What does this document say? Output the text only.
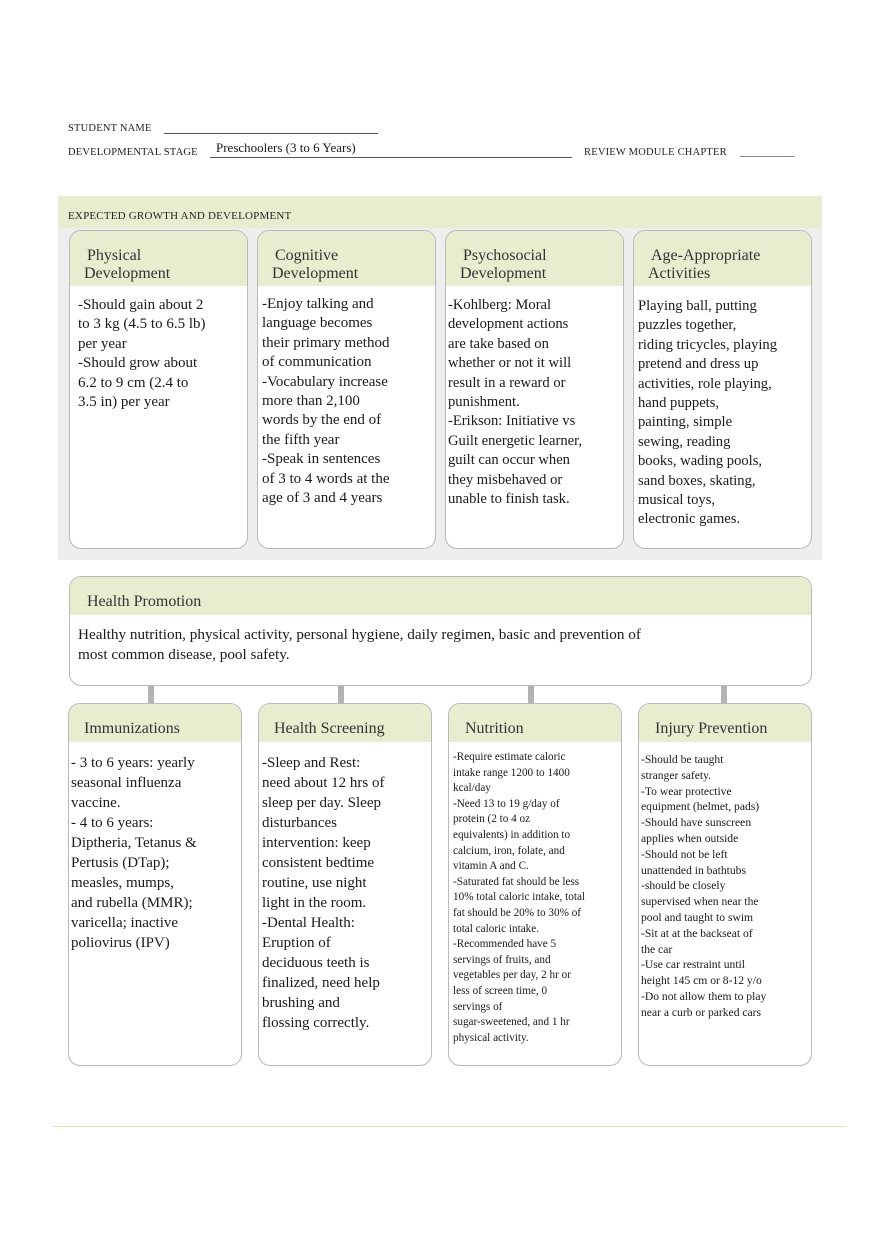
STUDENT NAME
DEVELOPMENTAL STAGE Preschoolers (3 to 6 Years)	REVIEW MODULE CHAPTER __________
EXPECTED GROWTH AND DEVELOPMENT
Physical
Development
-Should gain about 2
to 3 kg (4.5 to 6.5 lb)
per year
-Should grow about
6.2 to 9 cm (2.4 to
3.5 in) per year
Cognitive
Development
-Enjoy talking and
language becomes
their primary method
of communication
-Vocabulary increase
more than 2,100
words by the end of
the fifth year
-Speak in sentences
of 3 to 4 words at the
age of 3 and 4 years
Psychosocial
Development
-Kohlberg: Moral
development actions
are take based on
whether or not it will
result in a reward or
punishment.
-Erikson: Initiative vs
Guilt energetic learner,
guilt can occur when
they misbehaved or
unable to finish task.
Age-Appropriate
Activities
Playing ball, putting
puzzles together,
riding tricycles, playing
pretend and dress up
activities, role playing,
hand puppets,
painting, simple
sewing, reading
books, wading pools,
sand boxes, skating,
musical toys,
electronic games.
Health Promotion
Healthy nutrition, physical activity, personal hygiene, daily regimen, basic and prevention of
most common disease, pool safety.
Immunizations
- 3 to 6 years: yearly
seasonal influenza
vaccine.
- 4 to 6 years:
Diptheria, Tetanus &
Pertusis (DTap);
measles, mumps,
and rubella (MMR);
varicella; inactive
poliovirus (IPV)
Health Screening
-Sleep and Rest:
need about 12 hrs of
sleep per day. Sleep
disturbances
intervention: keep
consistent bedtime
routine, use night
light in the room.
-Dental Health:
Eruption of
deciduous teeth is
finalized, need help
brushing and
flossing correctly.
Nutrition
-Require estimate caloric
intake range 1200 to 1400
kcal/day
-Need 13 to 19 g/day of
protein (2 to 4 oz
equivalents) in addition to
calcium, iron, folate, and
vitamin A and C.
-Saturated fat should be less
10% total caloric intake, total
fat should be 20% to 30% of
total caloric intake.
-Recommended have 5
servings of fruits, and
vegetables per day, 2 hr or
less of screen time, 0
servings of
sugar-sweetened, and 1 hr
physical activity.
Injury Prevention
-Should be taught
stranger safety.
-To wear protective
equipment (helmet, pads)
-Should have sunscreen
applies when outside
-Should not be left
unattended in bathtubs
-should be closely
supervised when near the
pool and taught to swim
-Sit at at the backseat of
the car
-Use car restraint until
height 145 cm or 8-12 y/o
-Do not allow them to play
near a curb or parked cars
